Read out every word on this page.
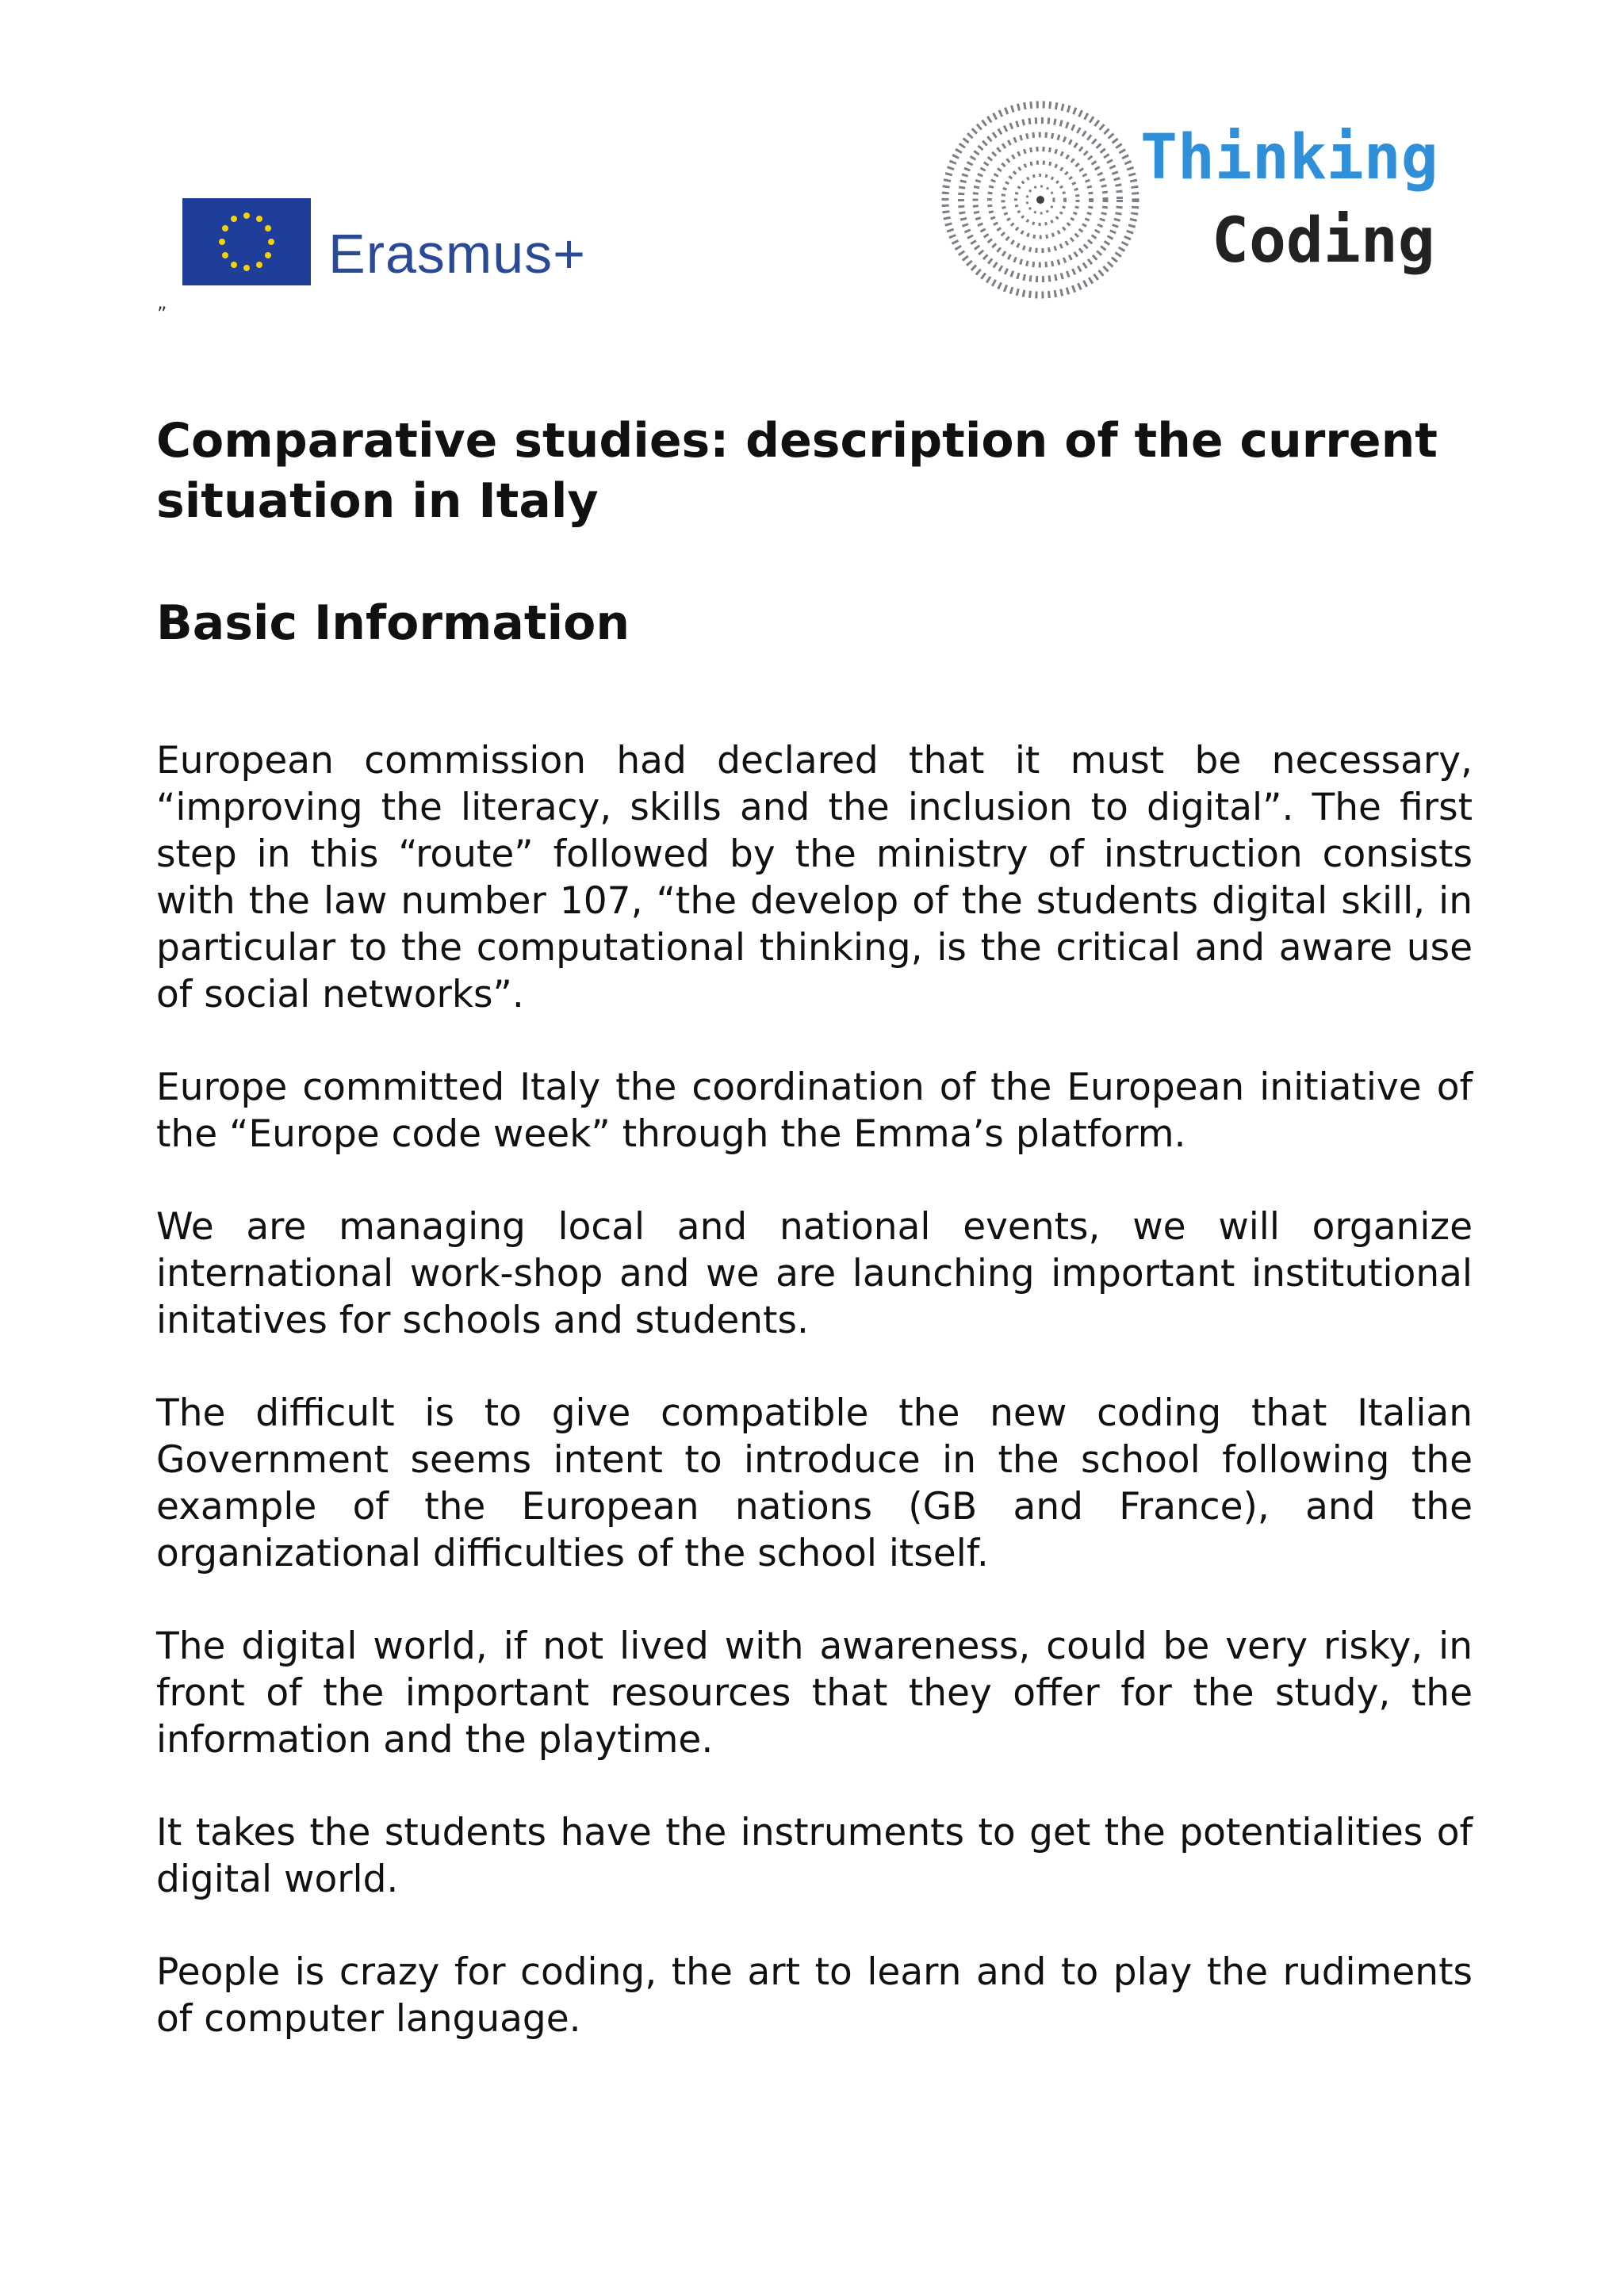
Erasmus+
”
Thinking
Coding
Comparative studies: description of the current situation in Italy
Basic Information

European commission had declared that it must be necessary, “improving the literacy, skills and the inclusion to digital”. The first step in this “route” followed by the ministry of instruction consists with the law number 107, “the develop of the students digital skill, in particular to the computational thinking, is the critical and aware use of social networks”.

Europe committed Italy the coordination of the European initiative of the “Europe code week” through the Emma’s platform.

We are managing local and national events, we will organize international work-shop and we are launching important institutional initatives for schools and students.

The difficult is to give compatible the new coding that Italian Government seems intent to introduce in the school following the example of the European nations (GB and France), and the organizational difficulties of the school itself.

The digital world, if not lived with awareness, could be very risky, in front of the important resources that they offer for the study, the information and the playtime.

It takes the students have the instruments to get the potentialities of digital world.

People is crazy for coding, the art to learn and to play the rudiments of computer language.
